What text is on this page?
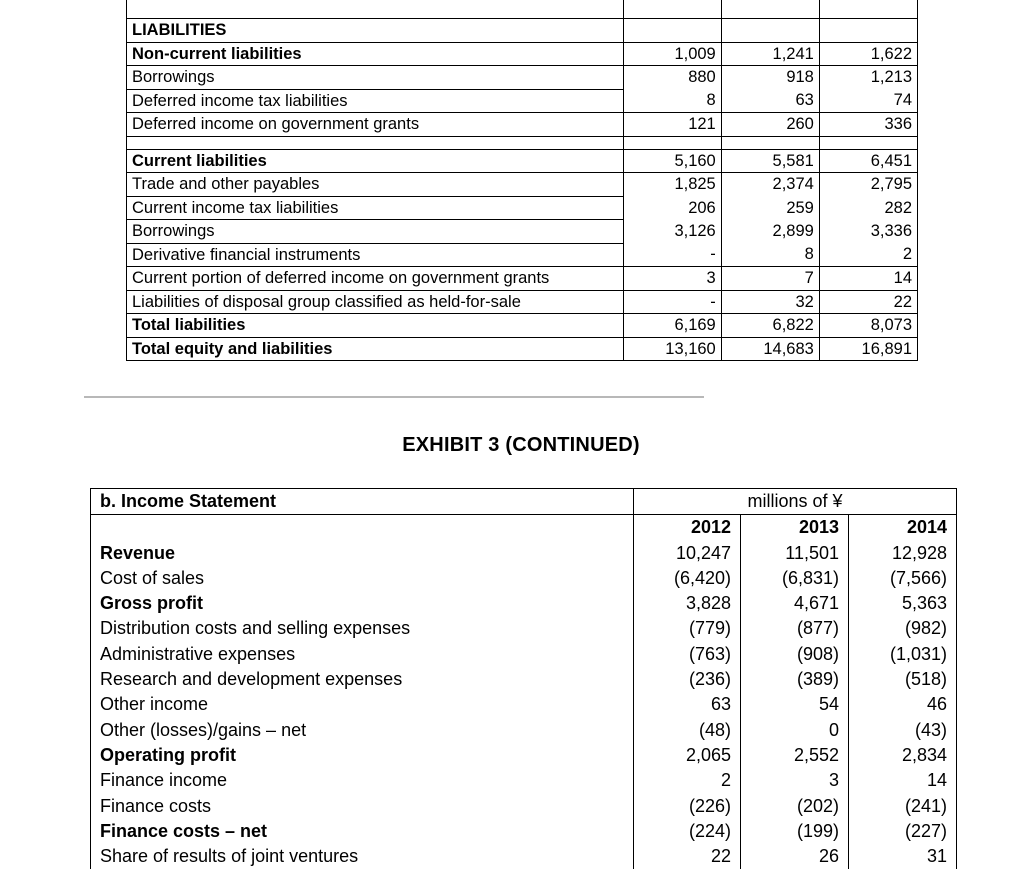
LIABILITIES			
Non-current liabilities	1,009	1,241	1,622
Borrowings	880	918	1,213
Deferred income tax liabilities	8	63	74
Deferred income on government grants	121	260	336

Current liabilities	5,160	5,581	6,451
Trade and other payables	1,825	2,374	2,795
Current income tax liabilities	206	259	282
Borrowings	3,126	2,899	3,336
Derivative financial instruments	-	8	2
Current portion of deferred income on government grants	3	7	14
Liabilities of disposal group classified as held-for-sale	-	32	22
Total liabilities	6,169	6,822	8,073
Total equity and liabilities	13,160	14,683	16,891
EXHIBIT 3 (CONTINUED)
b. Income Statement	millions of ¥		
	2012	2013	2014
Revenue	10,247	11,501	12,928
Cost of sales	(6,420)	(6,831)	(7,566)
Gross profit	3,828	4,671	5,363
Distribution costs and selling expenses	(779)	(877)	(982)
Administrative expenses	(763)	(908)	(1,031)
Research and development expenses	(236)	(389)	(518)
Other income	63	54	46
Other (losses)/gains – net	(48)	0	(43)
Operating profit	2,065	2,552	2,834
Finance income	2	3	14
Finance costs	(226)	(202)	(241)
Finance costs – net	(224)	(199)	(227)
Share of results of joint ventures	22	26	31
